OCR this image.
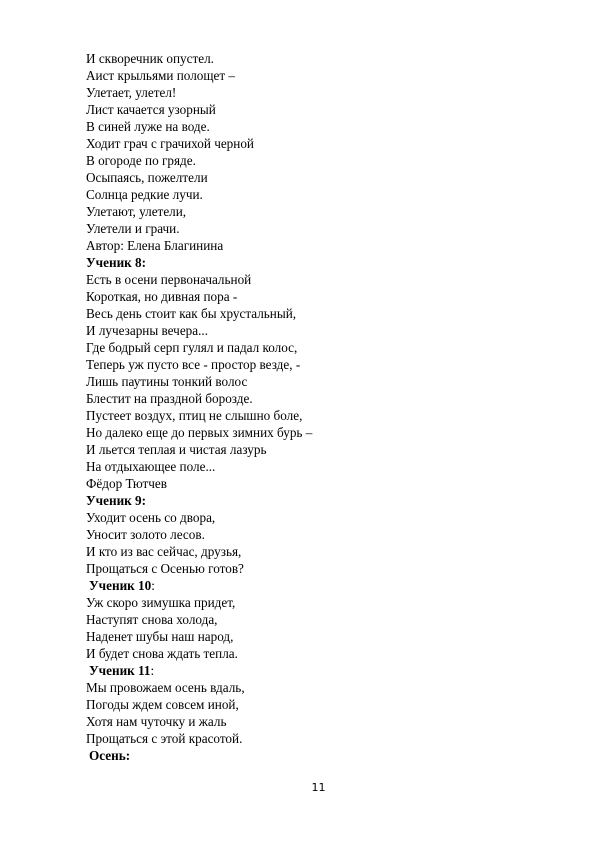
И скворечник опустел.
Аист крыльями полощет –
Улетает, улетел!
Лист качается узорный
В синей луже на воде.
Ходит грач с грачихой черной
В огороде по гряде.
Осыпаясь, пожелтели
Солнца редкие лучи.
Улетают, улетели,
Улетели и грачи.
Автор: Елена Благинина
Ученик 8:
Есть в осени первоначальной
Короткая, но дивная пора -
Весь день стоит как бы хрустальный,
И лучезарны вечера...
Где бодрый серп гулял и падал колос,
Теперь уж пусто все - простор везде, -
Лишь паутины тонкий волос
Блестит на праздной борозде.
Пустеет воздух, птиц не слышно боле,
Но далеко еще до первых зимних бурь –
И льется теплая и чистая лазурь
На отдыхающее поле...
Фёдор Тютчев
Ученик 9:
Уходит осень со двора,
Уносит золото лесов.
И кто из вас сейчас, друзья,
Прощаться с Осенью готов?
Ученик 10:
Уж скоро зимушка придет,
Наступят снова холода,
Наденет шубы наш народ,
И будет снова ждать тепла.
Ученик 11:
Мы провожаем осень вдаль,
Погоды ждем совсем иной,
Хотя нам чуточку и жаль
Прощаться с этой красотой.
Осень:
11
